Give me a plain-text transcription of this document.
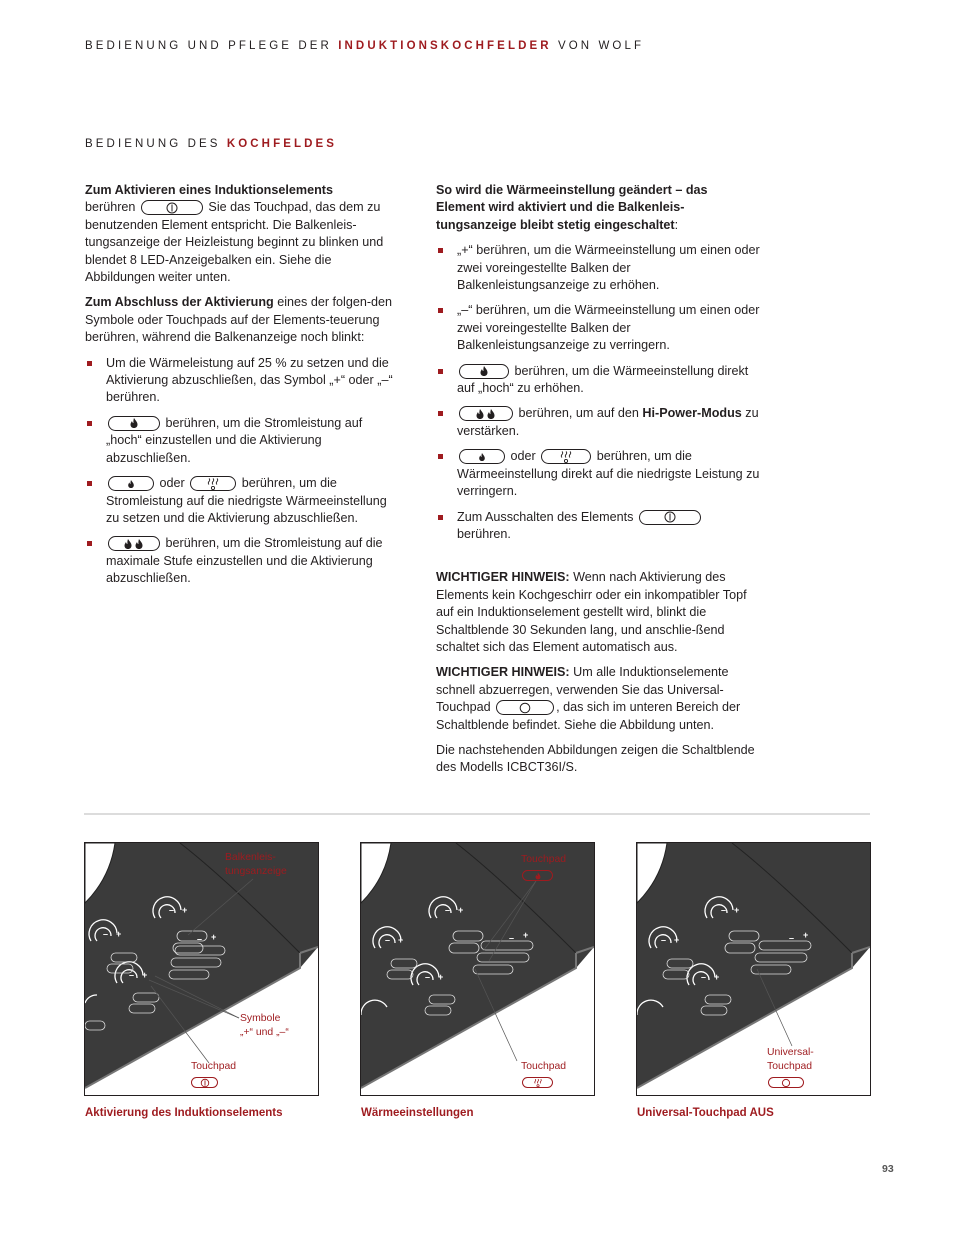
BEDIENUNG UND PFLEGE DER INDUKTIONSKOCHFELDER VON WOLF
BEDIENUNG DES KOCHFELDES

Zum Aktivieren eines Induktionselements
berühren	Sie das Touchpad, das dem zu benutzenden Element entspricht. Die Balkenleis-tungsanzeige der Heizleistung beginnt zu blinken und blendet 8 LED-Anzeigebalken ein. Siehe die Abbildungen weiter unten.

Zum Abschluss der Aktivierung eines der folgen-den Symbole oder Touchpads auf der Elements-teuerung berühren, während die Balkenanzeige noch blinkt:

Um die Wärmeleistung auf 25 % zu setzen und die Aktivierung abzuschließen, das Symbol „+“ oder „–“ berühren.
berühren, um die Stromleistung auf „hoch“ einzustellen und die Aktivierung abzuschließen.
oder	berühren, um die Stromleistung auf die niedrigste Wärmeeinstellung zu setzen und die Aktivierung abzuschließen.
berühren, um die Stromleistung auf die maximale Stufe einzustellen und die Aktivierung abzuschließen.

So wird die Wärmeeinstellung geändert – das Element wird aktiviert und die Balkenleis-tungsanzeige bleibt stetig eingeschaltet:

„+“ berühren, um die Wärmeeinstellung um einen oder zwei voreingestellte Balken der Balkenleistungsanzeige zu erhöhen.
„–“ berühren, um die Wärmeeinstellung um einen oder zwei voreingestellte Balken der Balkenleistungsanzeige zu verringern.
berühren, um die Wärmeeinstellung direkt auf „hoch“ zu erhöhen.
berühren, um auf den Hi-Power-Modus zu verstärken.
oder	berühren, um die Wärmeeinstellung direkt auf die niedrigste Leistung zu verringern.
Zum Ausschalten des Elements
berühren.

WICHTIGER HINWEIS: Wenn nach Aktivierung des Elements kein Kochgeschirr oder ein inkompatibler Topf auf ein Induktionselement gestellt wird, blinkt die Schaltblende 30 Sekunden lang, und anschlie-ßend schaltet sich das Element automatisch aus.

WICHTIGER HINWEIS: Um alle Induktionselemente schnell abzuerregen, verwenden Sie das Universal-Touchpad	, das sich im unteren Bereich der Schaltblende befindet. Siehe die Abbildung unten.

Die nachstehenden Abbildungen zeigen die Schaltblende des Modells ICBCT36I/S.

– +
– +
– +
– +
Balkenleis-
tungsanzeige
Symbole
„+“ und „–“
Touchpad
Aktivierung des Induktionselements
– +
– +
– +
– +
Touchpad
Touchpad
Wärmeeinstellungen
– +
– +
– +
– +
Universal-
Touchpad
Universal-Touchpad AUS
93
